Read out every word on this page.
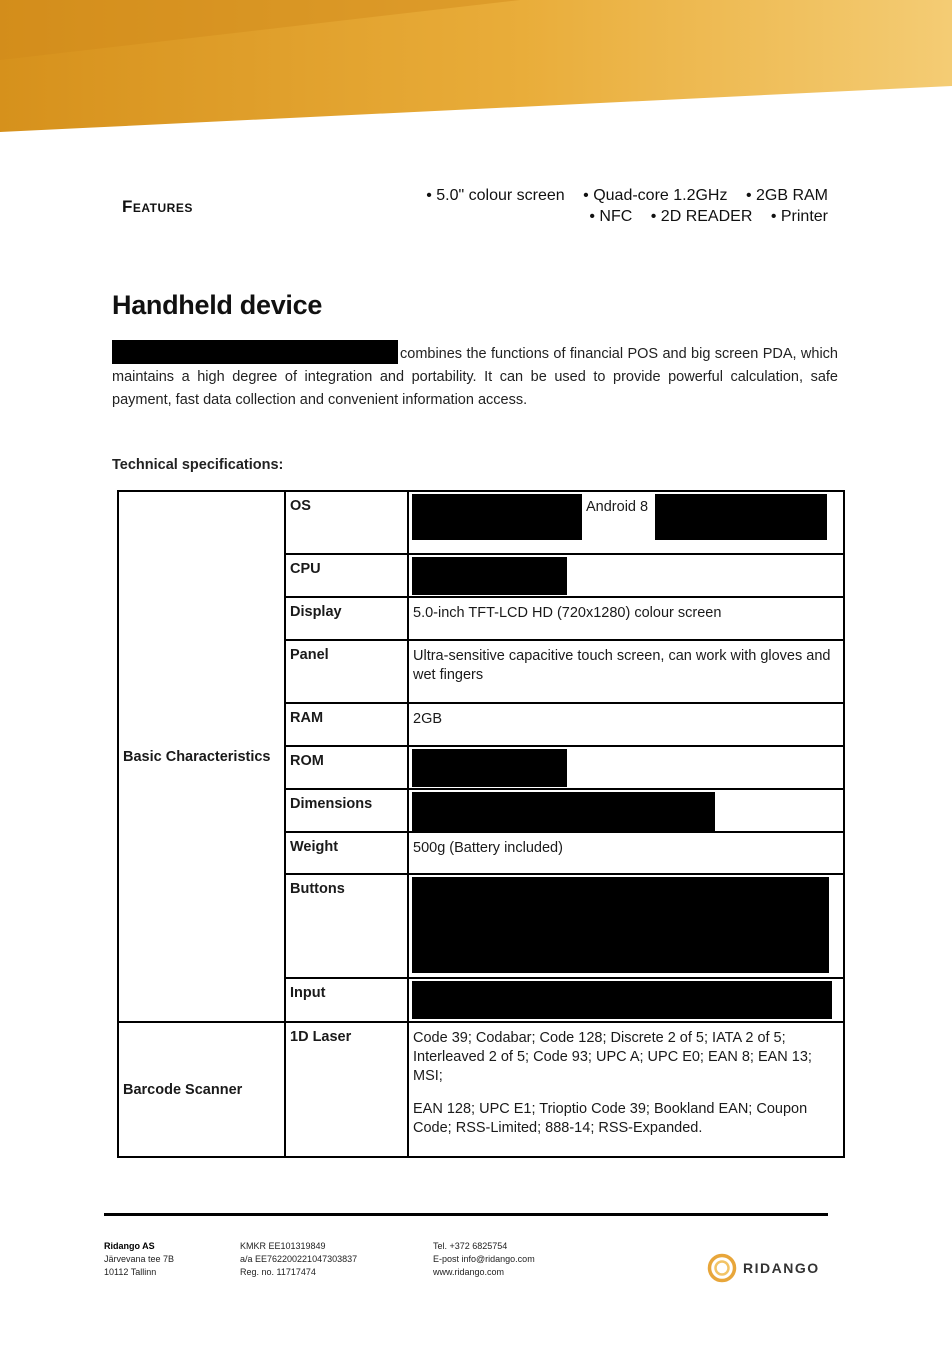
Features
• 5.0" colour screen • Quad-core 1.2GHz • 2GB RAM
• NFC • 2D READER • Printer
Handheld device
combines the functions of financial POS and big screen PDA, which maintains a high degree of integration and portability. It can be used to provide powerful calculation, safe payment, fast data collection and convenient information access.
Technical specifications:
Basic Characteristics	OS	Android 8

	CPU	

	Display	5.0-inch TFT-LCD HD (720x1280) colour screen
	Panel	Ultra-sensitive capacitive touch screen, can work with gloves and wet fingers
	RAM	2GB
	ROM	

	Dimensions	

	Weight	500g (Battery included)
	Buttons	

	Input	

Barcode Scanner	1D Laser	Code 39; Codabar; Code 128; Discrete 2 of 5; IATA 2 of 5; Interleaved 2 of 5; Code 93; UPC A; UPC E0; EAN 8; EAN 13; MSI;

EAN 128; UPC E1; Trioptio Code 39; Bookland EAN; Coupon Code; RSS-Limited; 888-14; RSS-Expanded.

Ridango AS
Järvevana tee 7B
10112 Tallinn
KMKR EE101319849
a/a EE762200221047303837
Reg. no. 11717474
Tel. +372 6825754
E-post info@ridango.com
www.ridango.com	RIDANGO
